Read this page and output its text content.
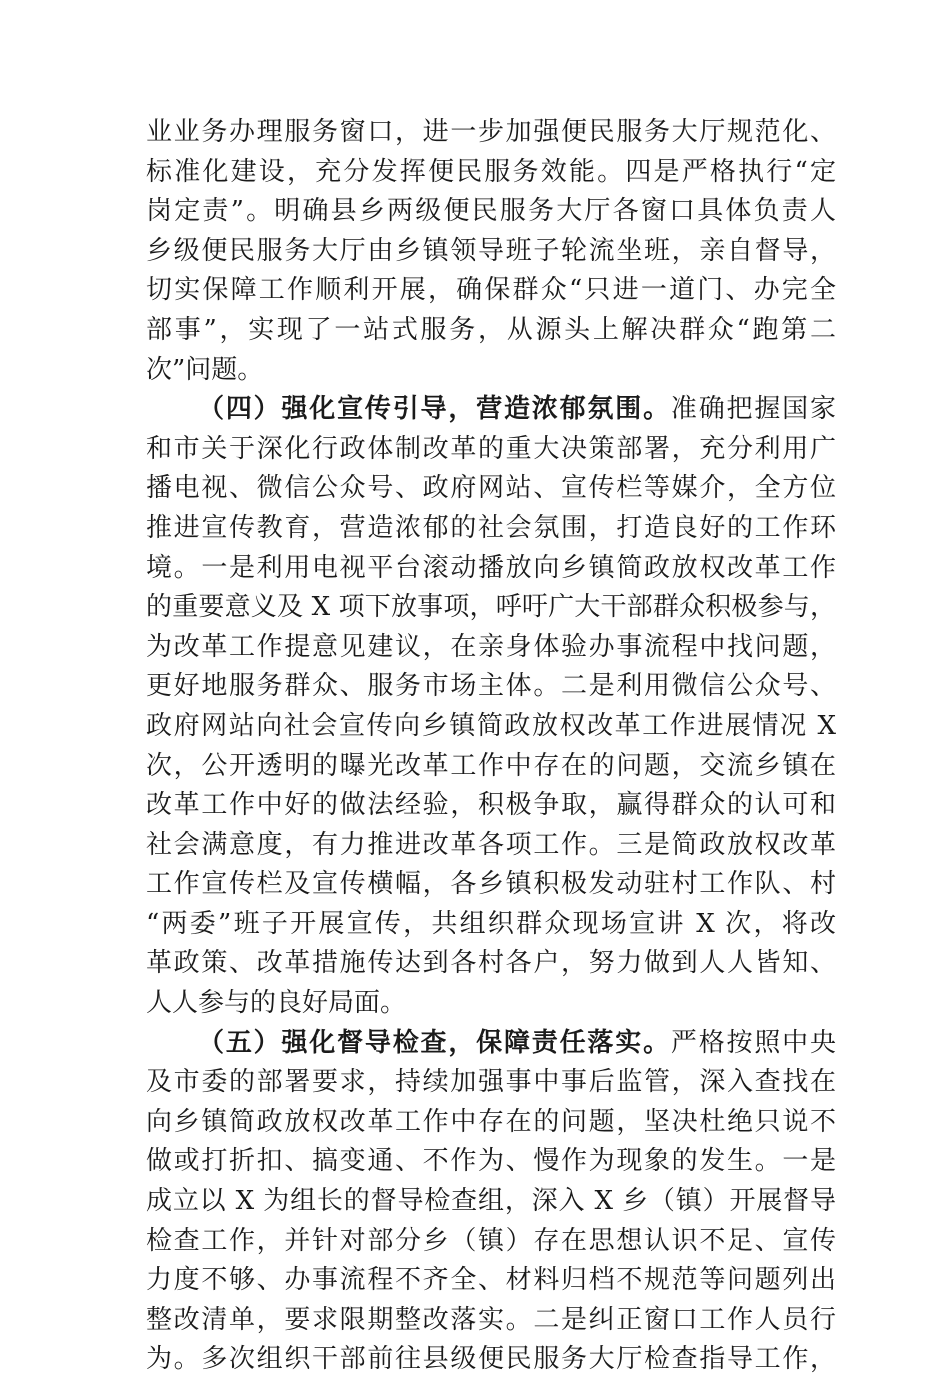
业业务办理服务窗口，进一步加强便民服务大厅规范化、
标准化建设，充分发挥便民服务效能。四是严格执行“定
岗定责”。明确县乡两级便民服务大厅各窗口具体负责人
乡级便民服务大厅由乡镇领导班子轮流坐班，亲自督导，
切实保障工作顺利开展，确保群众“只进一道门、办完全
部事”，实现了一站式服务，从源头上解决群众“跑第二
次”问题。
（四）强化宣传引导，营造浓郁氛围。准确把握国家
和市关于深化行政体制改革的重大决策部署，充分利用广
播电视、微信公众号、政府网站、宣传栏等媒介，全方位
推进宣传教育，营造浓郁的社会氛围，打造良好的工作环
境。一是利用电视平台滚动播放向乡镇简政放权改革工作
的重要意义及 X 项下放事项，呼吁广大干部群众积极参与，
为改革工作提意见建议，在亲身体验办事流程中找问题，
更好地服务群众、服务市场主体。二是利用微信公众号、
政府网站向社会宣传向乡镇简政放权改革工作进展情况 X
次，公开透明的曝光改革工作中存在的问题，交流乡镇在
改革工作中好的做法经验，积极争取，赢得群众的认可和
社会满意度，有力推进改革各项工作。三是简政放权改革
工作宣传栏及宣传横幅，各乡镇积极发动驻村工作队、村
“两委”班子开展宣传，共组织群众现场宣讲 X 次，将改
革政策、改革措施传达到各村各户，努力做到人人皆知、
人人参与的良好局面。
（五）强化督导检查，保障责任落实。严格按照中央
及市委的部署要求，持续加强事中事后监管，深入查找在
向乡镇简政放权改革工作中存在的问题，坚决杜绝只说不
做或打折扣、搞变通、不作为、慢作为现象的发生。一是
成立以 X 为组长的督导检查组，深入 X 乡（镇）开展督导
检查工作，并针对部分乡（镇）存在思想认识不足、宣传
力度不够、办事流程不齐全、材料归档不规范等问题列出
整改清单，要求限期整改落实。二是纠正窗口工作人员行
为。多次组织干部前往县级便民服务大厅检查指导工作，
